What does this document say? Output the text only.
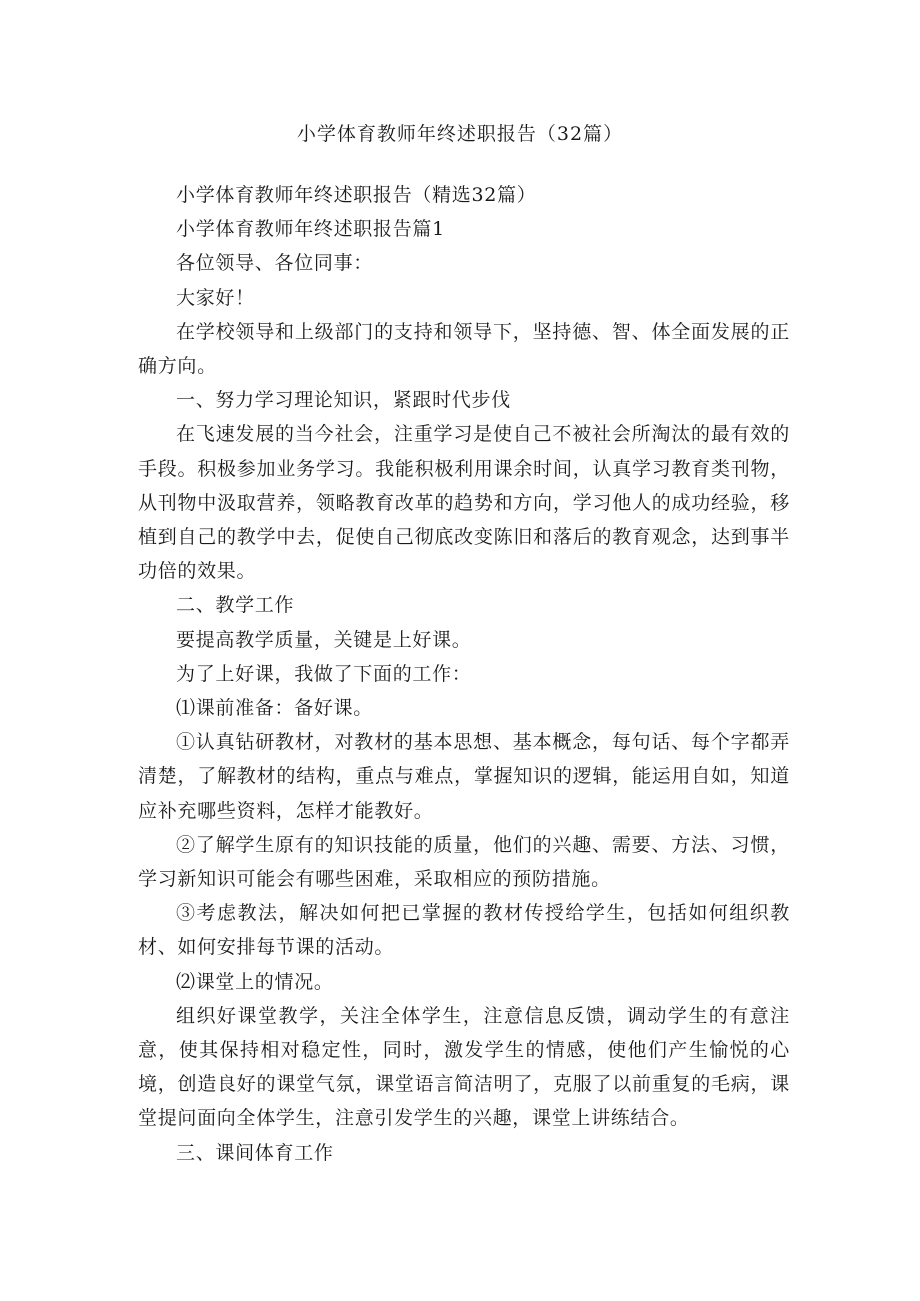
小学体育教师年终述职报告（32篇）

小学体育教师年终述职报告（精选32篇）

小学体育教师年终述职报告篇1

各位领导、各位同事：

大家好！

在学校领导和上级部门的支持和领导下，坚持德、智、体全面发展的正确方向。

一、努力学习理论知识，紧跟时代步伐

在飞速发展的当今社会，注重学习是使自己不被社会所淘汰的最有效的手段。积极参加业务学习。我能积极利用课余时间，认真学习教育类刊物，从刊物中汲取营养，领略教育改革的趋势和方向，学习他人的成功经验，移植到自己的教学中去，促使自己彻底改变陈旧和落后的教育观念，达到事半功倍的效果。

二、教学工作

要提高教学质量，关键是上好课。

为了上好课，我做了下面的工作：

⑴课前准备：备好课。

①认真钻研教材，对教材的基本思想、基本概念，每句话、每个字都弄清楚，了解教材的结构，重点与难点，掌握知识的逻辑，能运用自如，知道应补充哪些资料，怎样才能教好。

②了解学生原有的知识技能的质量，他们的兴趣、需要、方法、习惯，学习新知识可能会有哪些困难，采取相应的预防措施。

③考虑教法，解决如何把已掌握的教材传授给学生，包括如何组织教材、如何安排每节课的活动。

⑵课堂上的情况。

组织好课堂教学，关注全体学生，注意信息反馈，调动学生的有意注意，使其保持相对稳定性，同时，激发学生的情感，使他们产生愉悦的心境，创造良好的课堂气氛，课堂语言简洁明了，克服了以前重复的毛病，课堂提问面向全体学生，注意引发学生的兴趣，课堂上讲练结合。

三、课间体育工作
